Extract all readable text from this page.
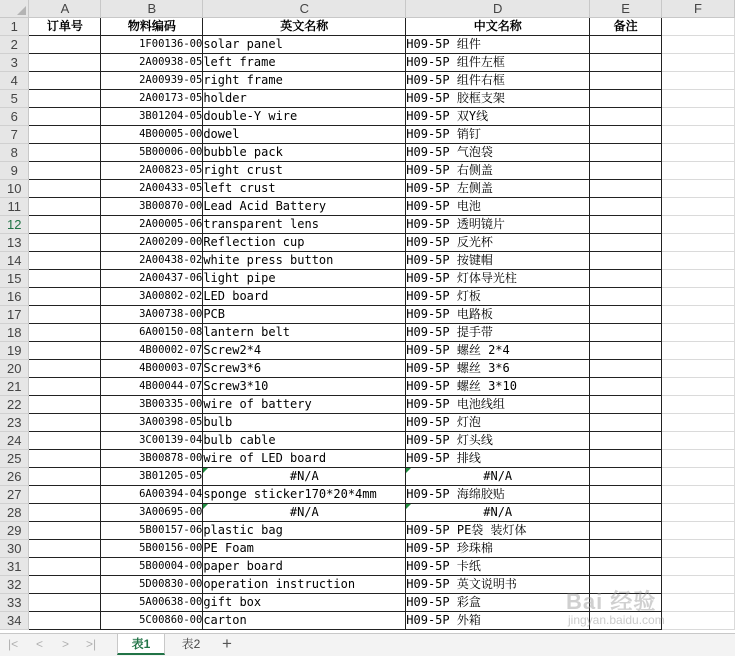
	A	B	C	D	E	F
1	订单号	物料编码	英文名称	中文名称	备注	
2		1F00136-00	solar panel	H09-5P 组件		
3		2A00938-05	left frame	H09-5P 组件左框		
4		2A00939-05	right frame	H09-5P 组件右框		
5		2A00173-05	holder	H09-5P 胶框支架		
6		3B01204-05	double-Y wire	H09-5P 双Y线		
7		4B00005-00	dowel	H09-5P 销钉		
8		5B00006-00	bubble pack	H09-5P 气泡袋		
9		2A00823-05	right crust	H09-5P 右侧盖		
10		2A00433-05	left crust	H09-5P 左侧盖		
11		3B00870-00	Lead Acid Battery	H09-5P 电池		
12		2A00005-06	transparent lens	H09-5P 透明镜片		
13		2A00209-00	Reflection cup	H09-5P 反光杯		
14		2A00438-02	white press button	H09-5P 按键帽		
15		2A00437-06	light pipe	H09-5P 灯体导光柱		
16		3A00802-02	LED board	H09-5P 灯板		
17		3A00738-00	PCB	H09-5P 电路板		
18		6A00150-08	lantern belt	H09-5P 提手带		
19		4B00002-07	Screw2*4	H09-5P 螺丝 2*4		
20		4B00003-07	Screw3*6	H09-5P 螺丝 3*6		
21		4B00044-07	Screw3*10	H09-5P 螺丝 3*10		
22		3B00335-00	wire of battery	H09-5P 电池线组		
23		3A00398-05	bulb	H09-5P 灯泡		
24		3C00139-04	bulb cable	H09-5P 灯头线		
25		3B00878-00	wire of LED board	H09-5P 排线		
26		3B01205-05	#N/A	#N/A		
27		6A00394-04	sponge sticker170*20*4mm	H09-5P 海绵胶贴		
28		3A00695-00	#N/A	#N/A		
29		5B00157-06	plastic bag	H09-5P PE袋 装灯体		
30		5B00156-00	PE Foam	H09-5P 珍珠棉		
31		5B00004-00	paper board	H09-5P 卡纸		
32		5D00830-00	operation instruction	H09-5P 英文说明书		
33		5A00638-00	gift box	H09-5P 彩盒		
34		5C00860-00	carton	H09-5P 外箱		
|< < > >|	表1	表2	+
Bai 经验
jingyan.baidu.com
